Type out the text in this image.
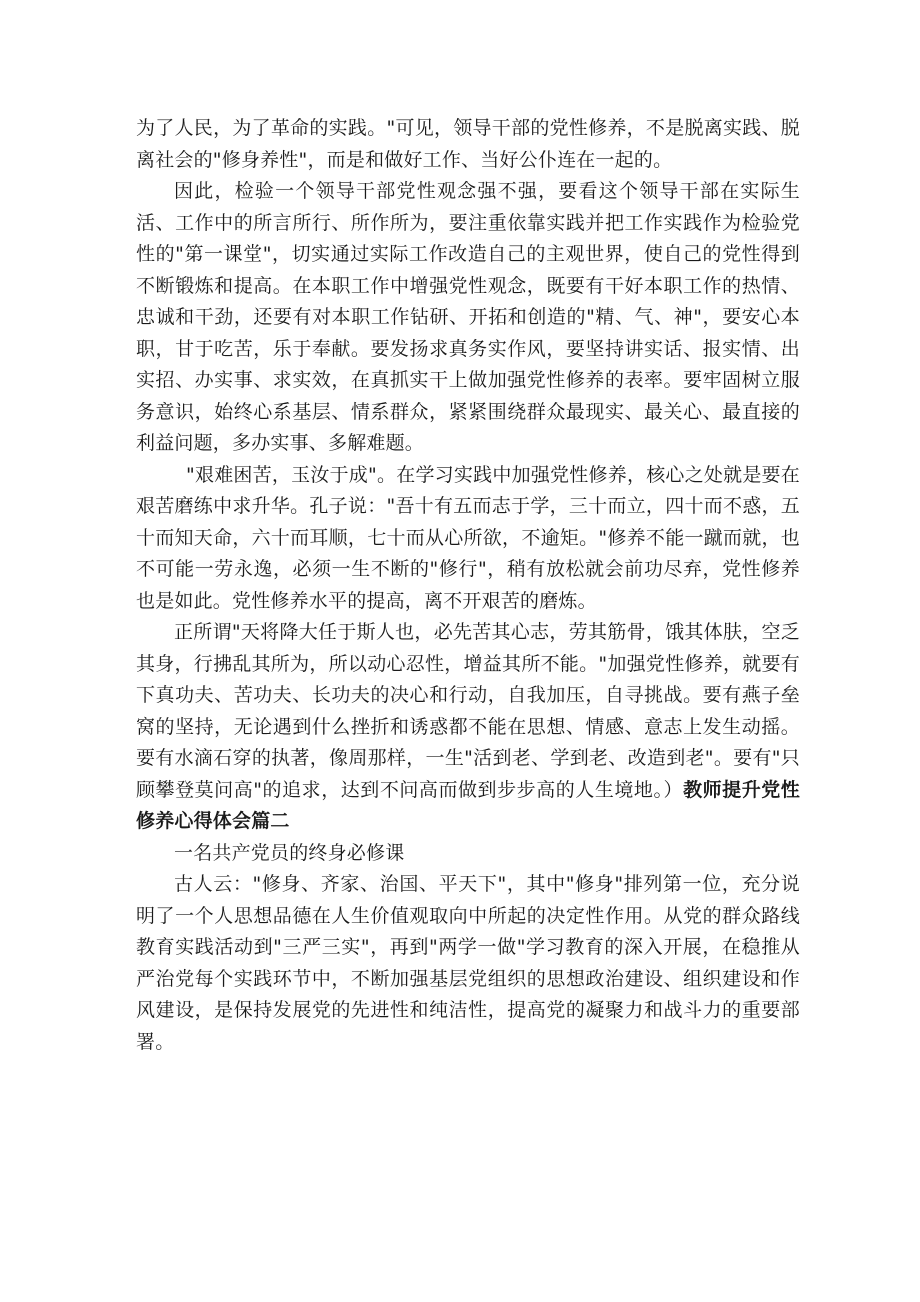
为了人民，为了革命的实践。"可见，领导干部的党性修养，不是脱离实践、脱离社会的"修身养性"，而是和做好工作、当好公仆连在一起的。

因此，检验一个领导干部党性观念强不强，要看这个领导干部在实际生活、工作中的所言所行、所作所为，要注重依靠实践并把工作实践作为检验党性的"第一课堂"，切实通过实际工作改造自己的主观世界，使自己的党性得到不断锻炼和提高。在本职工作中增强党性观念，既要有干好本职工作的热情、忠诚和干劲，还要有对本职工作钻研、开拓和创造的"精、气、神"，要安心本职，甘于吃苦，乐于奉献。要发扬求真务实作风，要坚持讲实话、报实情、出实招、办实事、求实效，在真抓实干上做加强党性修养的表率。要牢固树立服务意识，始终心系基层、情系群众，紧紧围绕群众最现实、最关心、最直接的利益问题，多办实事、多解难题。

"艰难困苦，玉汝于成"。在学习实践中加强党性修养，核心之处就是要在艰苦磨练中求升华。孔子说："吾十有五而志于学，三十而立，四十而不惑，五十而知天命，六十而耳顺，七十而从心所欲，不逾矩。"修养不能一蹴而就，也不可能一劳永逸，必须一生不断的"修行"，稍有放松就会前功尽弃，党性修养也是如此。党性修养水平的提高，离不开艰苦的磨炼。

正所谓"天将降大任于斯人也，必先苦其心志，劳其筋骨，饿其体肤，空乏其身，行拂乱其所为，所以动心忍性，增益其所不能。"加强党性修养，就要有下真功夫、苦功夫、长功夫的决心和行动，自我加压，自寻挑战。要有燕子垒窝的坚持，无论遇到什么挫折和诱惑都不能在思想、情感、意志上发生动摇。要有水滴石穿的执著，像周那样，一生"活到老、学到老、改造到老"。要有"只顾攀登莫问高"的追求，达到不问高而做到步步高的人生境地。）教师提升党性修养心得体会篇二

一名共产党员的终身必修课

古人云："修身、齐家、治国、平天下"，其中"修身"排列第一位，充分说明了一个人思想品德在人生价值观取向中所起的决定性作用。从党的群众路线教育实践活动到"三严三实"，再到"两学一做"学习教育的深入开展，在稳推从严治党每个实践环节中，不断加强基层党组织的思想政治建设、组织建设和作风建设，是保持发展党的先进性和纯洁性，提高党的凝聚力和战斗力的重要部署。
